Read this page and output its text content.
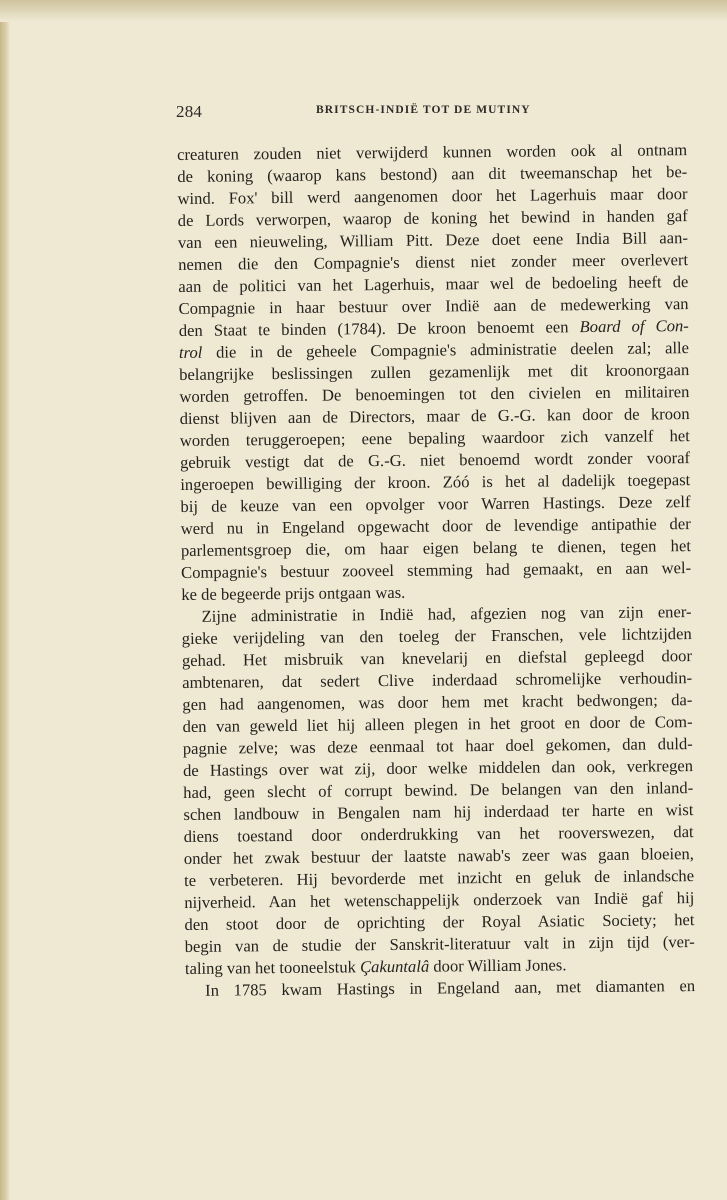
284	BRITSCH-INDIË TOT DE MUTINY
creaturen zouden niet verwijderd kunnen worden ook al ontnam
de koning (waarop kans bestond) aan dit tweemanschap het be-
wind. Fox' bill werd aangenomen door het Lagerhuis maar door
de Lords verworpen, waarop de koning het bewind in handen gaf
van een nieuweling, William Pitt. Deze doet eene India Bill aan-
nemen die den Compagnie's dienst niet zonder meer overlevert
aan de politici van het Lagerhuis, maar wel de bedoeling heeft de
Compagnie in haar bestuur over Indië aan de medewerking van
den Staat te binden (1784). De kroon benoemt een Board of Con-
trol die in de geheele Compagnie's administratie deelen zal; alle
belangrijke beslissingen zullen gezamenlijk met dit kroonorgaan
worden getroffen. De benoemingen tot den civielen en militairen
dienst blijven aan de Directors, maar de G.-G. kan door de kroon
worden teruggeroepen; eene bepaling waardoor zich vanzelf het
gebruik vestigt dat de G.-G. niet benoemd wordt zonder vooraf
ingeroepen bewilliging der kroon. Zóó is het al dadelijk toegepast
bij de keuze van een opvolger voor Warren Hastings. Deze zelf
werd nu in Engeland opgewacht door de levendige antipathie der
parlementsgroep die, om haar eigen belang te dienen, tegen het
Compagnie's bestuur zooveel stemming had gemaakt, en aan wel-
ke de begeerde prijs ontgaan was.
Zijne administratie in Indië had, afgezien nog van zijn ener-
gieke verijdeling van den toeleg der Franschen, vele lichtzijden
gehad. Het misbruik van knevelarij en diefstal gepleegd door
ambtenaren, dat sedert Clive inderdaad schromelijke verhoudin-
gen had aangenomen, was door hem met kracht bedwongen; da-
den van geweld liet hij alleen plegen in het groot en door de Com-
pagnie zelve; was deze eenmaal tot haar doel gekomen, dan duld-
de Hastings over wat zij, door welke middelen dan ook, verkregen
had, geen slecht of corrupt bewind. De belangen van den inland-
schen landbouw in Bengalen nam hij inderdaad ter harte en wist
diens toestand door onderdrukking van het rooverswezen, dat
onder het zwak bestuur der laatste nawab's zeer was gaan bloeien,
te verbeteren. Hij bevorderde met inzicht en geluk de inlandsche
nijverheid. Aan het wetenschappelijk onderzoek van Indië gaf hij
den stoot door de oprichting der Royal Asiatic Society; het
begin van de studie der Sanskrit-literatuur valt in zijn tijd (ver-
taling van het tooneelstuk Çakuntalâ door William Jones.
In 1785 kwam Hastings in Engeland aan, met diamanten en
